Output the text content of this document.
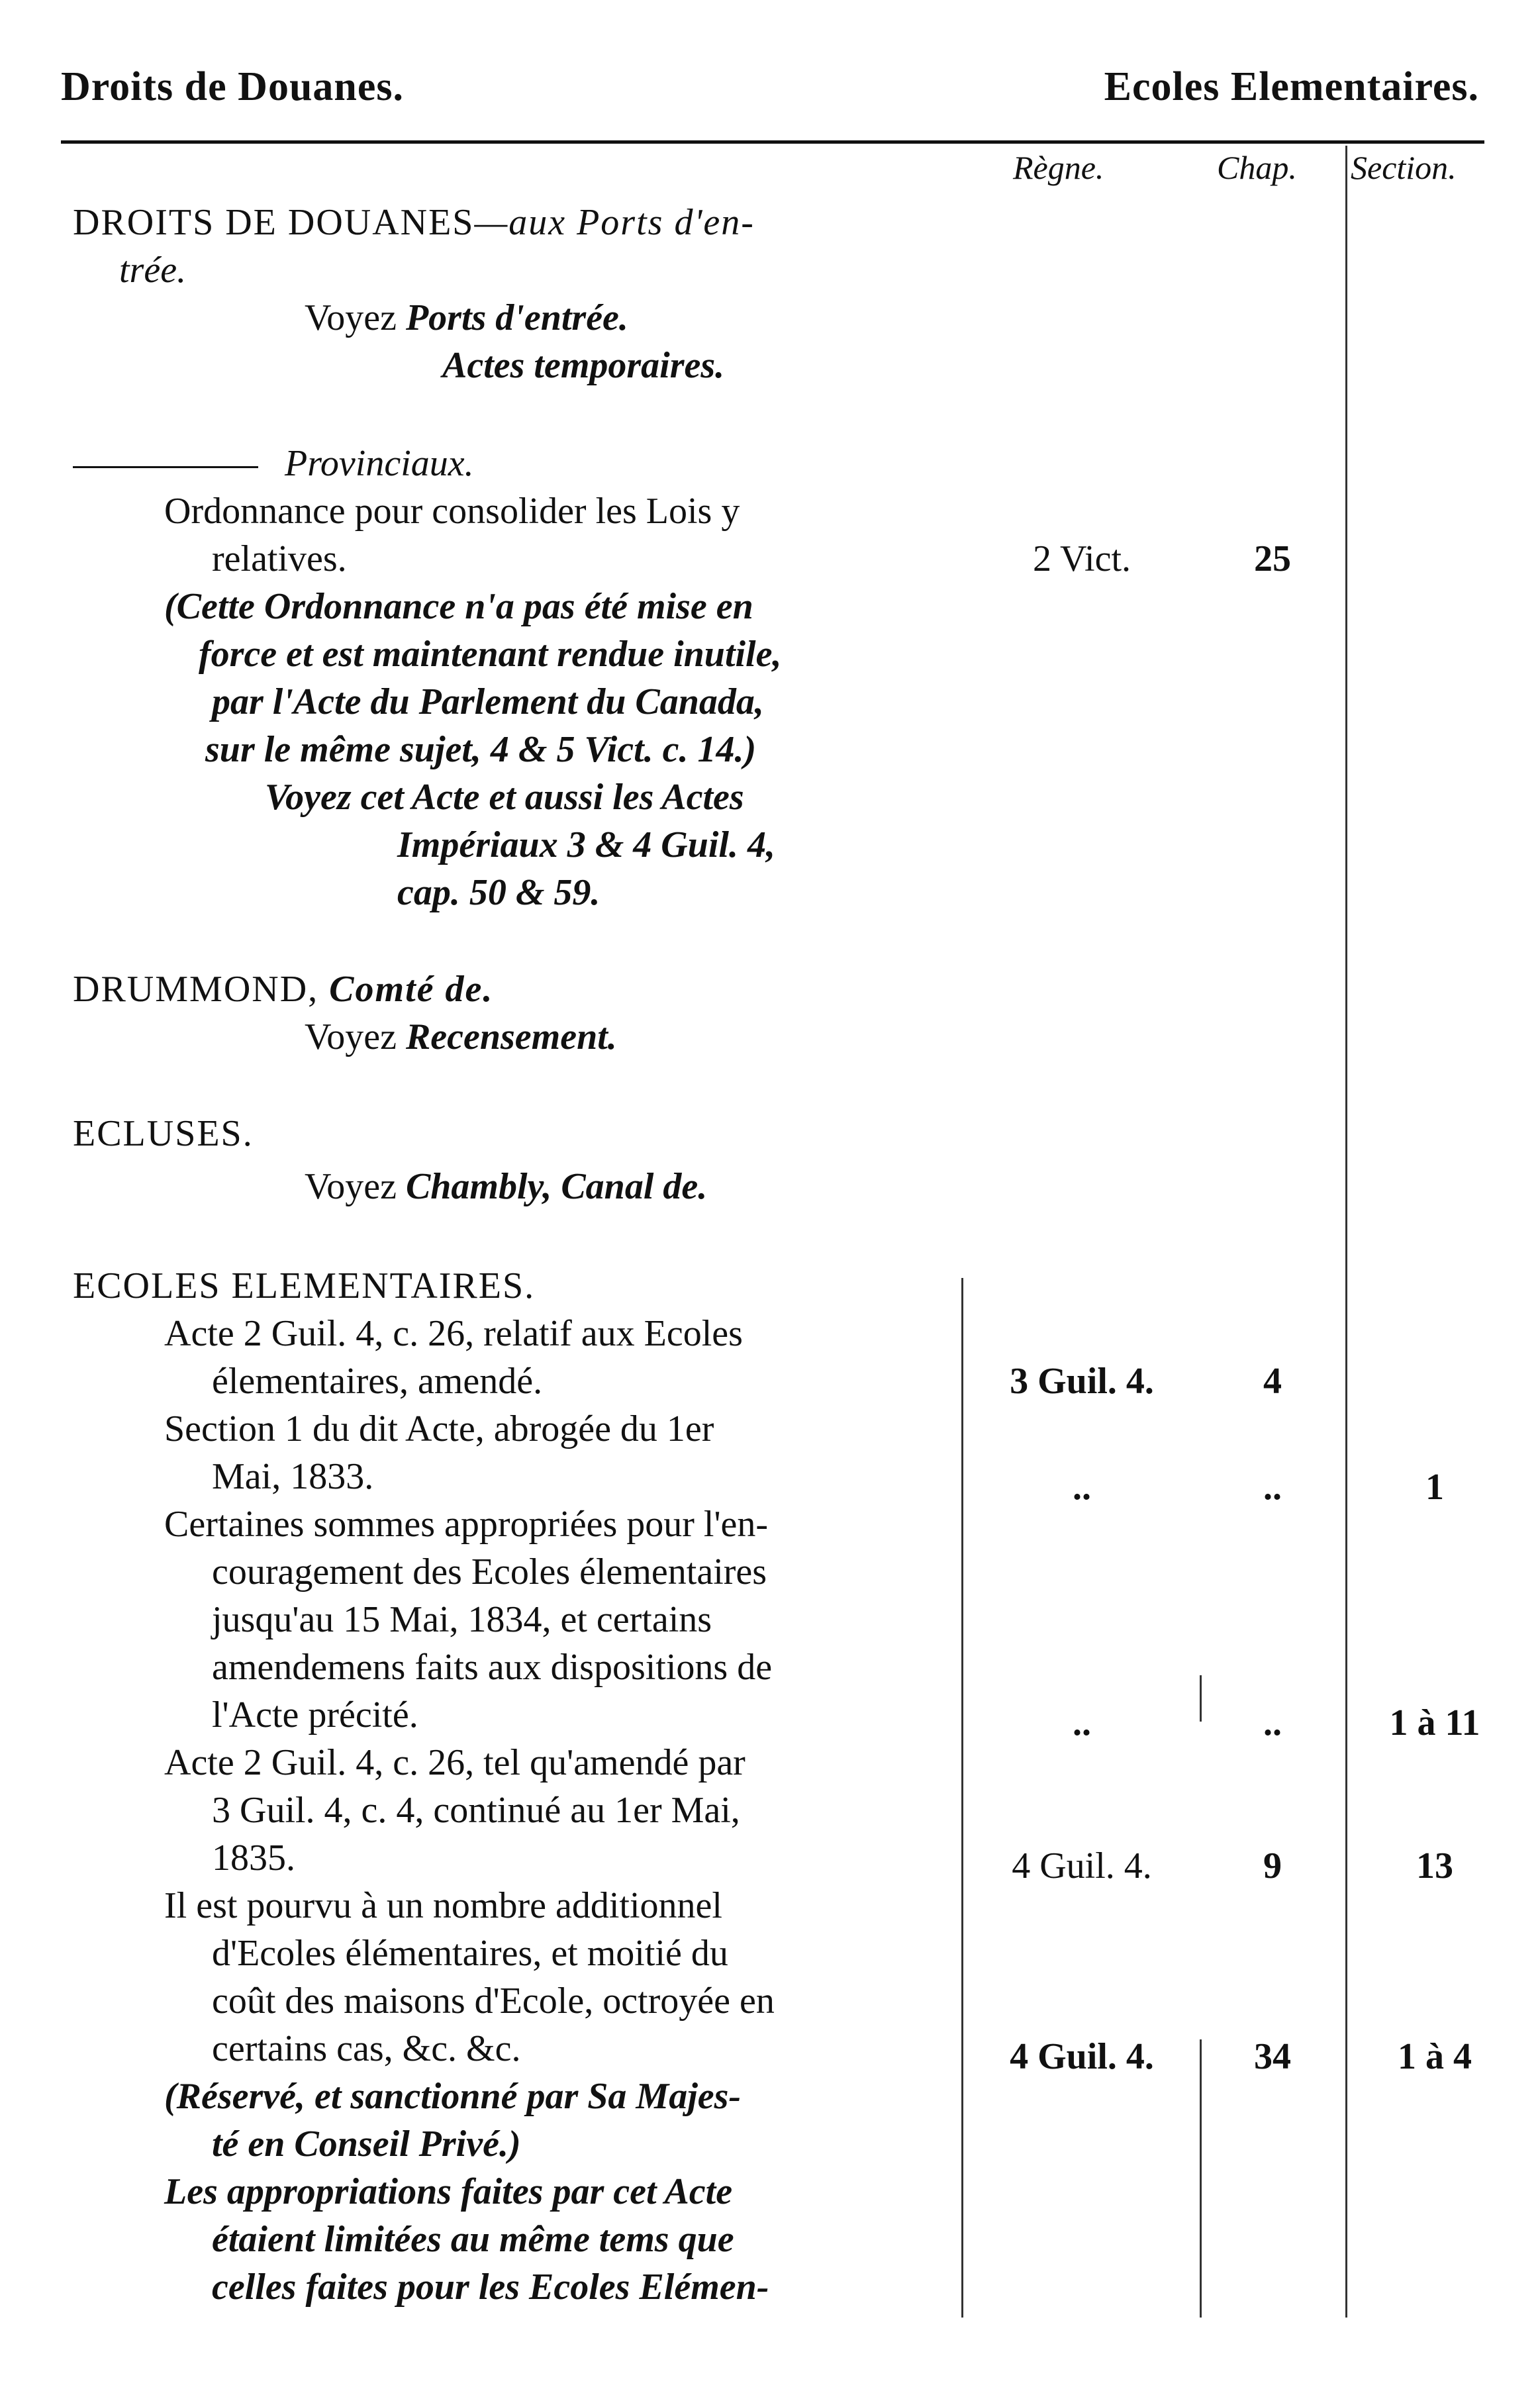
Droits de Douanes.	Ecoles Elementaires.
Règne.	Chap. Section.
DROITS DE DOUANES—aux Ports d'en-
trée.
Voyez Ports d'entrée.
Actes temporaires.
Provinciaux.
Ordonnance pour consolider les Lois y
relatives.	2 Vict.	25
(Cette Ordonnance n'a pas été mise en
force et est maintenant rendue inutile,
par l'Acte du Parlement du Canada,
sur le même sujet, 4 & 5 Vict. c. 14.)
Voyez cet Acte et aussi les Actes
Impériaux 3 & 4 Guil. 4,
cap. 50 & 59.
DRUMMOND, Comté de.
Voyez Recensement.
ECLUSES.
Voyez Chambly, Canal de.
ECOLES ELEMENTAIRES.
Acte 2 Guil. 4, c. 26, relatif aux Ecoles
élementaires, amendé.	3 Guil. 4.	4
Section 1 du dit Acte, abrogée du 1er
Mai, 1833.	..	..	1
Certaines sommes appropriées pour l'en-
couragement des Ecoles élementaires
jusqu'au 15 Mai, 1834, et certains
amendemens faits aux dispositions de
l'Acte précité.	..	..	1 à 11
Acte 2 Guil. 4, c. 26, tel qu'amendé par
3 Guil. 4, c. 4, continué au 1er Mai,
1835.	4 Guil. 4.	9	13
Il est pourvu à un nombre additionnel
d'Ecoles élémentaires, et moitié du
coût des maisons d'Ecole, octroyée en
certains cas, &c. &c.	4 Guil. 4.	34	1 à 4
(Réservé, et sanctionné par Sa Majes-
té en Conseil Privé.)
Les appropriations faites par cet Acte
étaient limitées au même tems que
celles faites pour les Ecoles Elémen-
